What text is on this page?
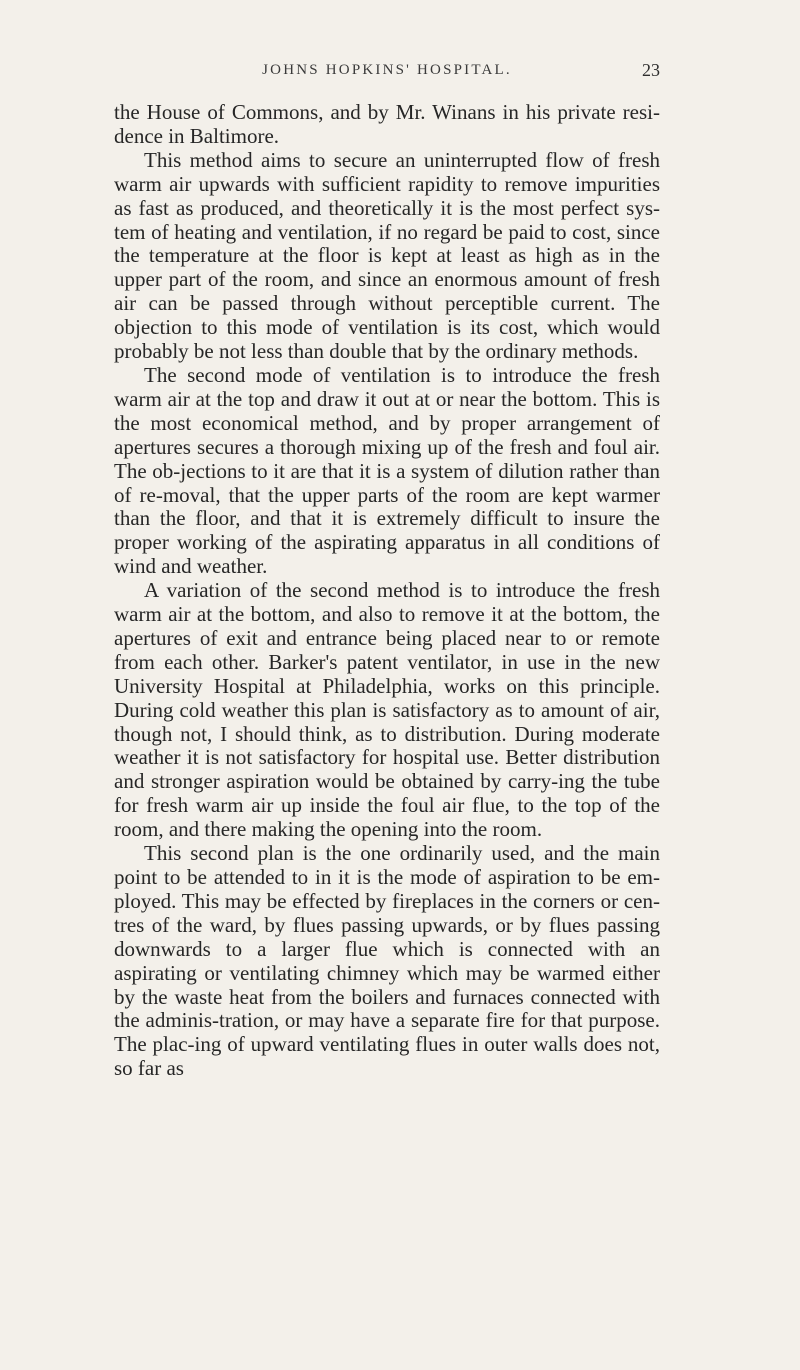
JOHNS HOPKINS' HOSPITAL.	23

the House of Commons, and by Mr. Winans in his private resi-dence in Baltimore.

This method aims to secure an uninterrupted flow of fresh warm air upwards with sufficient rapidity to remove impurities as fast as produced, and theoretically it is the most perfect sys-tem of heating and ventilation, if no regard be paid to cost, since the temperature at the floor is kept at least as high as in the upper part of the room, and since an enormous amount of fresh air can be passed through without perceptible current. The objection to this mode of ventilation is its cost, which would probably be not less than double that by the ordinary methods.

The second mode of ventilation is to introduce the fresh warm air at the top and draw it out at or near the bottom. This is the most economical method, and by proper arrangement of apertures secures a thorough mixing up of the fresh and foul air. The ob-jections to it are that it is a system of dilution rather than of re-moval, that the upper parts of the room are kept warmer than the floor, and that it is extremely difficult to insure the proper working of the aspirating apparatus in all conditions of wind and weather.

A variation of the second method is to introduce the fresh warm air at the bottom, and also to remove it at the bottom, the apertures of exit and entrance being placed near to or remote from each other. Barker's patent ventilator, in use in the new University Hospital at Philadelphia, works on this principle. During cold weather this plan is satisfactory as to amount of air, though not, I should think, as to distribution. During moderate weather it is not satisfactory for hospital use. Better distribution and stronger aspiration would be obtained by carry-ing the tube for fresh warm air up inside the foul air flue, to the top of the room, and there making the opening into the room.

This second plan is the one ordinarily used, and the main point to be attended to in it is the mode of aspiration to be em-ployed. This may be effected by fireplaces in the corners or cen-tres of the ward, by flues passing upwards, or by flues passing downwards to a larger flue which is connected with an aspirating or ventilating chimney which may be warmed either by the waste heat from the boilers and furnaces connected with the adminis-tration, or may have a separate fire for that purpose. The plac-ing of upward ventilating flues in outer walls does not, so far as
